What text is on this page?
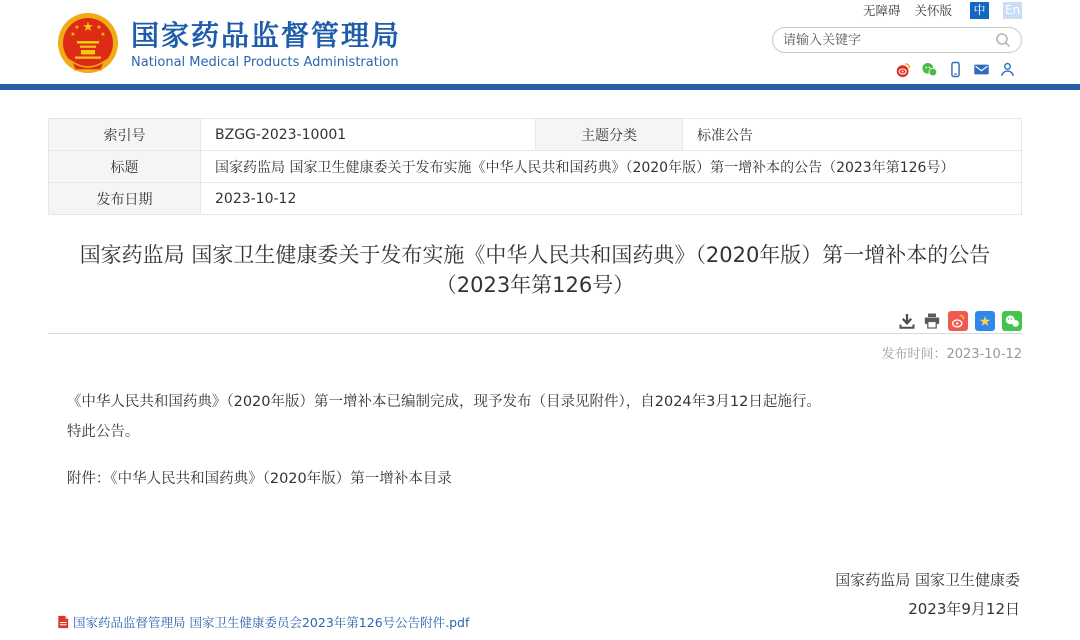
★
★	★
★	★ 国家药品监督管理局
National Medical Products Administration
无障碍 关怀版 中 En
请输入关键字
索引号	BZGG-2023-10001	主题分类	标准公告
标题	国家药监局 国家卫生健康委关于发布实施《中华人民共和国药典》（2020年版）第一增补本的公告（2023年第126号）		
发布日期	2023-10-12		
国家药监局 国家卫生健康委关于发布实施《中华人民共和国药典》（2020年版）第一增补本的公告
（2023年第126号）
★
发布时间：2023-10-12

《中华人民共和国药典》（2020年版）第一增补本已编制完成，现予发布（目录见附件），自2024年3月12日起施行。

特此公告。

附件：《中华人民共和国药典》（2020年版）第一增补本目录

国家药监局 国家卫生健康委
2023年9月12日
国家药品监督管理局 国家卫生健康委员会2023年第126号公告附件.pdf
